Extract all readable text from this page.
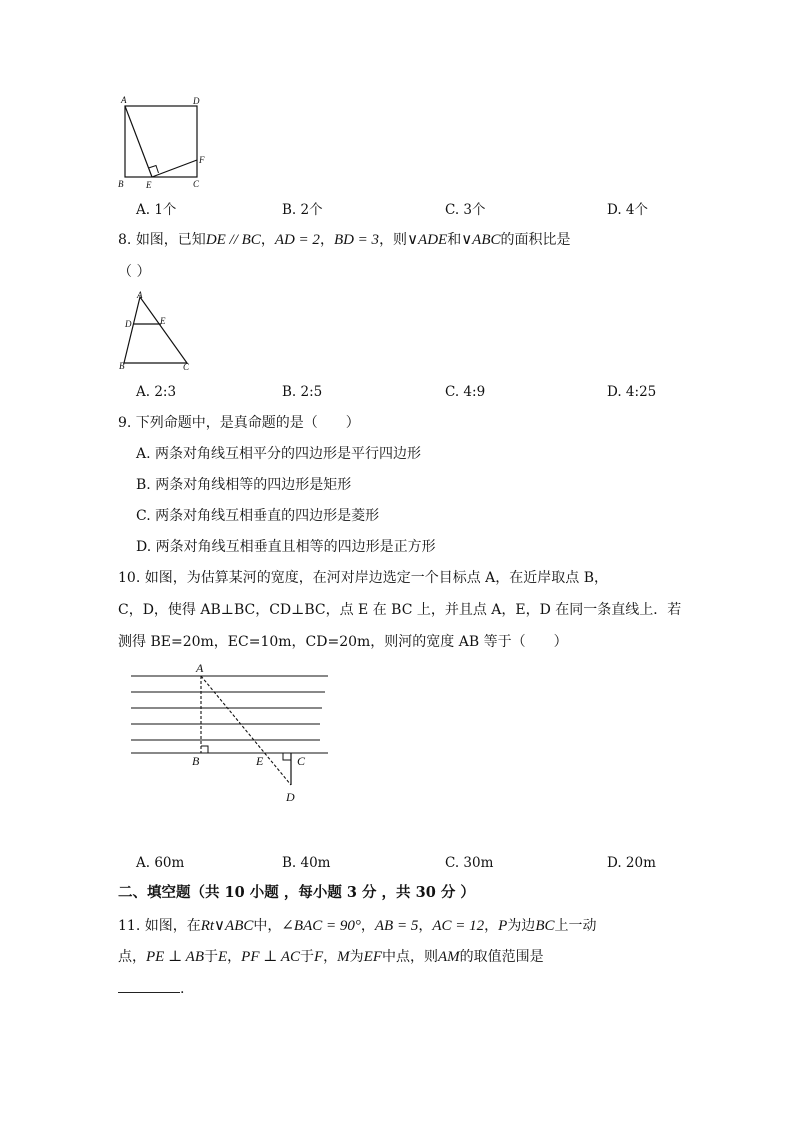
A	D
F
B	E	C
A. 1个	B. 2个	C. 3个	D. 4个
8. 如图，已知DE // BC，AD = 2，BD = 3，则∨ADE和∨ABC的面积比是
（ ）
A
D	E
B	C
A. 2:3	B. 2:5	C. 4:9	D. 4:25
9. 下列命题中，是真命题的是（　　）
A. 两条对角线互相平分的四边形是平行四边形
B. 两条对角线相等的四边形是矩形
C. 两条对角线互相垂直的四边形是菱形
D. 两条对角线互相垂直且相等的四边形是正方形
10. 如图，为估算某河的宽度，在河对岸边选定一个目标点 A，在近岸取点 B，
C，D，使得 AB⊥BC，CD⊥BC，点 E 在 BC 上，并且点 A，E，D 在同一条直线上．若
测得 BE=20m，EC=10m，CD=20m，则河的宽度 AB 等于（　　）
A
B	E	C
D
A. 60m	B. 40m	C. 30m	D. 20m
二、填空题（共 10 小题 ，每小题 3 分 ，共 30 分 ）
11. 如图，在Rt∨ABC中，∠BAC = 90°，AB = 5，AC = 12，P为边BC上一动
点，PE ⊥ AB于E，PF ⊥ AC于F，M为EF中点，则AM的取值范围是
.
